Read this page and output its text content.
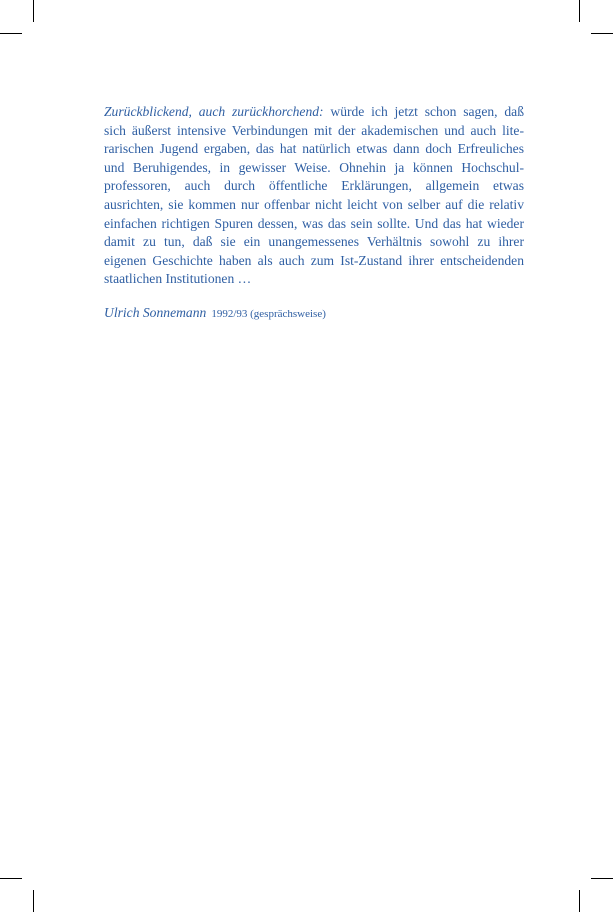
Zurückblickend, auch zurückhorchend: würde ich jetzt schon sagen, daß
sich äußerst intensive Verbindungen mit der akademischen und auch lite-
rarischen Jugend ergaben, das hat natürlich etwas dann doch Erfreuliches
und Beruhigendes, in gewisser Weise. Ohnehin ja können Hochschul-
professoren, auch durch öffentliche Erklärungen, allgemein etwas
ausrichten, sie kommen nur offenbar nicht leicht von selber auf die relativ
einfachen richtigen Spuren dessen, was das sein sollte. Und das hat wieder
damit zu tun, daß sie ein unangemessenes Verhältnis sowohl zu ihrer
eigenen Geschichte haben als auch zum Ist-Zustand ihrer entscheidenden
staatlichen Institutionen …
Ulrich Sonnemann 1992/93 (gesprächsweise)
